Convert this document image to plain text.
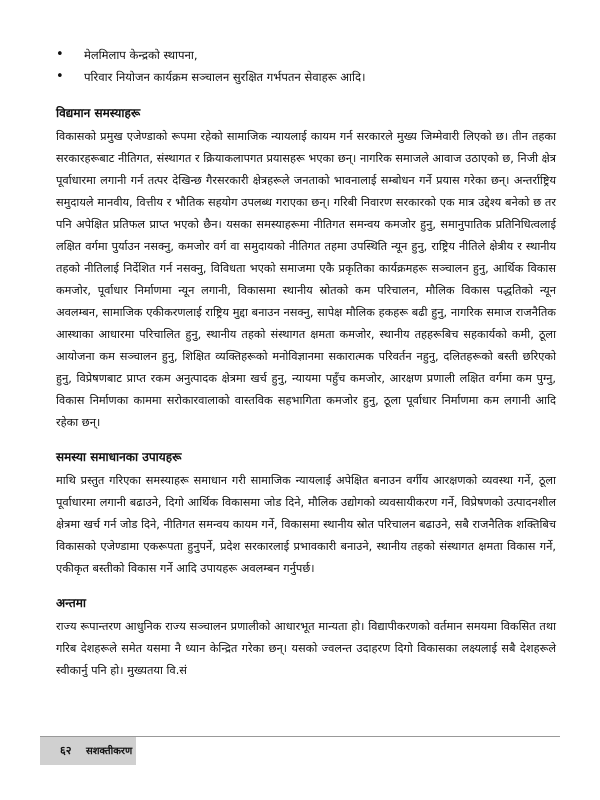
• मेलमिलाप केन्द्रको स्थापना,
• परिवार नियोजन कार्यक्रम सञ्चालन सुरक्षित गर्भपतन सेवाहरू आदि।
विद्यमान समस्याहरू

विकासको प्रमुख एजेण्डाको रूपमा रहेको सामाजिक न्यायलाई कायम गर्न सरकारले मुख्य जिम्मेवारी लिएको छ। तीन तहका सरकारहरूबाट नीतिगत, संस्थागत र क्रियाकलापगत प्रयासहरू भएका छन्। नागरिक समाजले आवाज उठाएको छ, निजी क्षेत्र पूर्वाधारमा लगानी गर्न तत्पर देखिन्छ गैरसरकारी क्षेत्रहरूले जनताको भावनालाई सम्बोधन गर्ने प्रयास गरेका छन्। अन्तर्राष्ट्रिय समुदायले मानवीय, वित्तीय र भौतिक सहयोग उपलब्ध गराएका छन्। गरिबी निवारण सरकारको एक मात्र उद्देश्य बनेको छ तर पनि अपेक्षित प्रतिफल प्राप्त भएको छैन। यसका समस्याहरूमा नीतिगत समन्वय कमजोर हुनु, समानुपातिक प्रतिनिधित्वलाई लक्षित वर्गमा पुर्याउन नसक्नु, कमजोर वर्ग वा समुदायको नीतिगत तहमा उपस्थिति न्यून हुनु, राष्ट्रिय नीतिले क्षेत्रीय र स्थानीय तहको नीतिलाई निर्देशित गर्न नसक्नु, विविधता भएको समाजमा एकै प्रकृतिका कार्यक्रमहरू सञ्चालन हुनु, आर्थिक विकास कमजोर, पूर्वाधार निर्माणमा न्यून लगानी, विकासमा स्थानीय स्रोतको कम परिचालन, मौलिक विकास पद्धतिको न्यून अवलम्बन, सामाजिक एकीकरणलाई राष्ट्रिय मुद्दा बनाउन नसक्नु, सापेक्ष मौलिक हकहरू बढी हुनु, नागरिक समाज राजनैतिक आस्थाका आधारमा परिचालित हुनु, स्थानीय तहको संस्थागत क्षमता कमजोर, स्थानीय तहहरूबिच सहकार्यको कमी, ठूला आयोजना कम सञ्चालन हुनु, शिक्षित व्यक्तिहरूको मनोविज्ञानमा सकारात्मक परिवर्तन नहुनु, दलितहरूको बस्ती छरिएको हुनु, विप्रेषणबाट प्राप्त रकम अनुत्पादक क्षेत्रमा खर्च हुनु, न्यायमा पहुँच कमजोर, आरक्षण प्रणाली लक्षित वर्गमा कम पुग्नु, विकास निर्माणका काममा सरोकारवालाको वास्तविक सहभागिता कमजोर हुनु, ठूला पूर्वाधार निर्माणमा कम लगानी आदि रहेका छन्।

समस्या समाधानका उपायहरू

माथि प्रस्तुत गरिएका समस्याहरू समाधान गरी सामाजिक न्यायलाई अपेक्षित बनाउन वर्गीय आरक्षणको व्यवस्था गर्ने, ठूला पूर्वाधारमा लगानी बढाउने, दिगो आर्थिक विकासमा जोड दिने, मौलिक उद्योगको व्यवसायीकरण गर्ने, विप्रेषणको उत्पादनशील क्षेत्रमा खर्च गर्न जोड दिने, नीतिगत समन्वय कायम गर्ने, विकासमा स्थानीय स्रोत परिचालन बढाउने, सबै राजनैतिक शक्तिबिच विकासको एजेण्डामा एकरूपता हुनुपर्ने, प्रदेश सरकारलाई प्रभावकारी बनाउने, स्थानीय तहको संस्थागत क्षमता विकास गर्ने, एकीकृत बस्तीको विकास गर्ने आदि उपायहरू अवलम्बन गर्नुपर्छ।

अन्तमा

राज्य रूपान्तरण आधुनिक राज्य सञ्चालन प्रणालीको आधारभूत मान्यता हो। विद्यापीकरणको वर्तमान समयमा विकसित तथा गरिब देशहरूले समेत यसमा नै ध्यान केन्द्रित गरेका छन्। यसको ज्वलन्त उदाहरण दिगो विकासका लक्ष्यलाई सबै देशहरूले स्वीकार्नु पनि हो। मुख्यतया वि.सं

६२ सशक्तीकरण
